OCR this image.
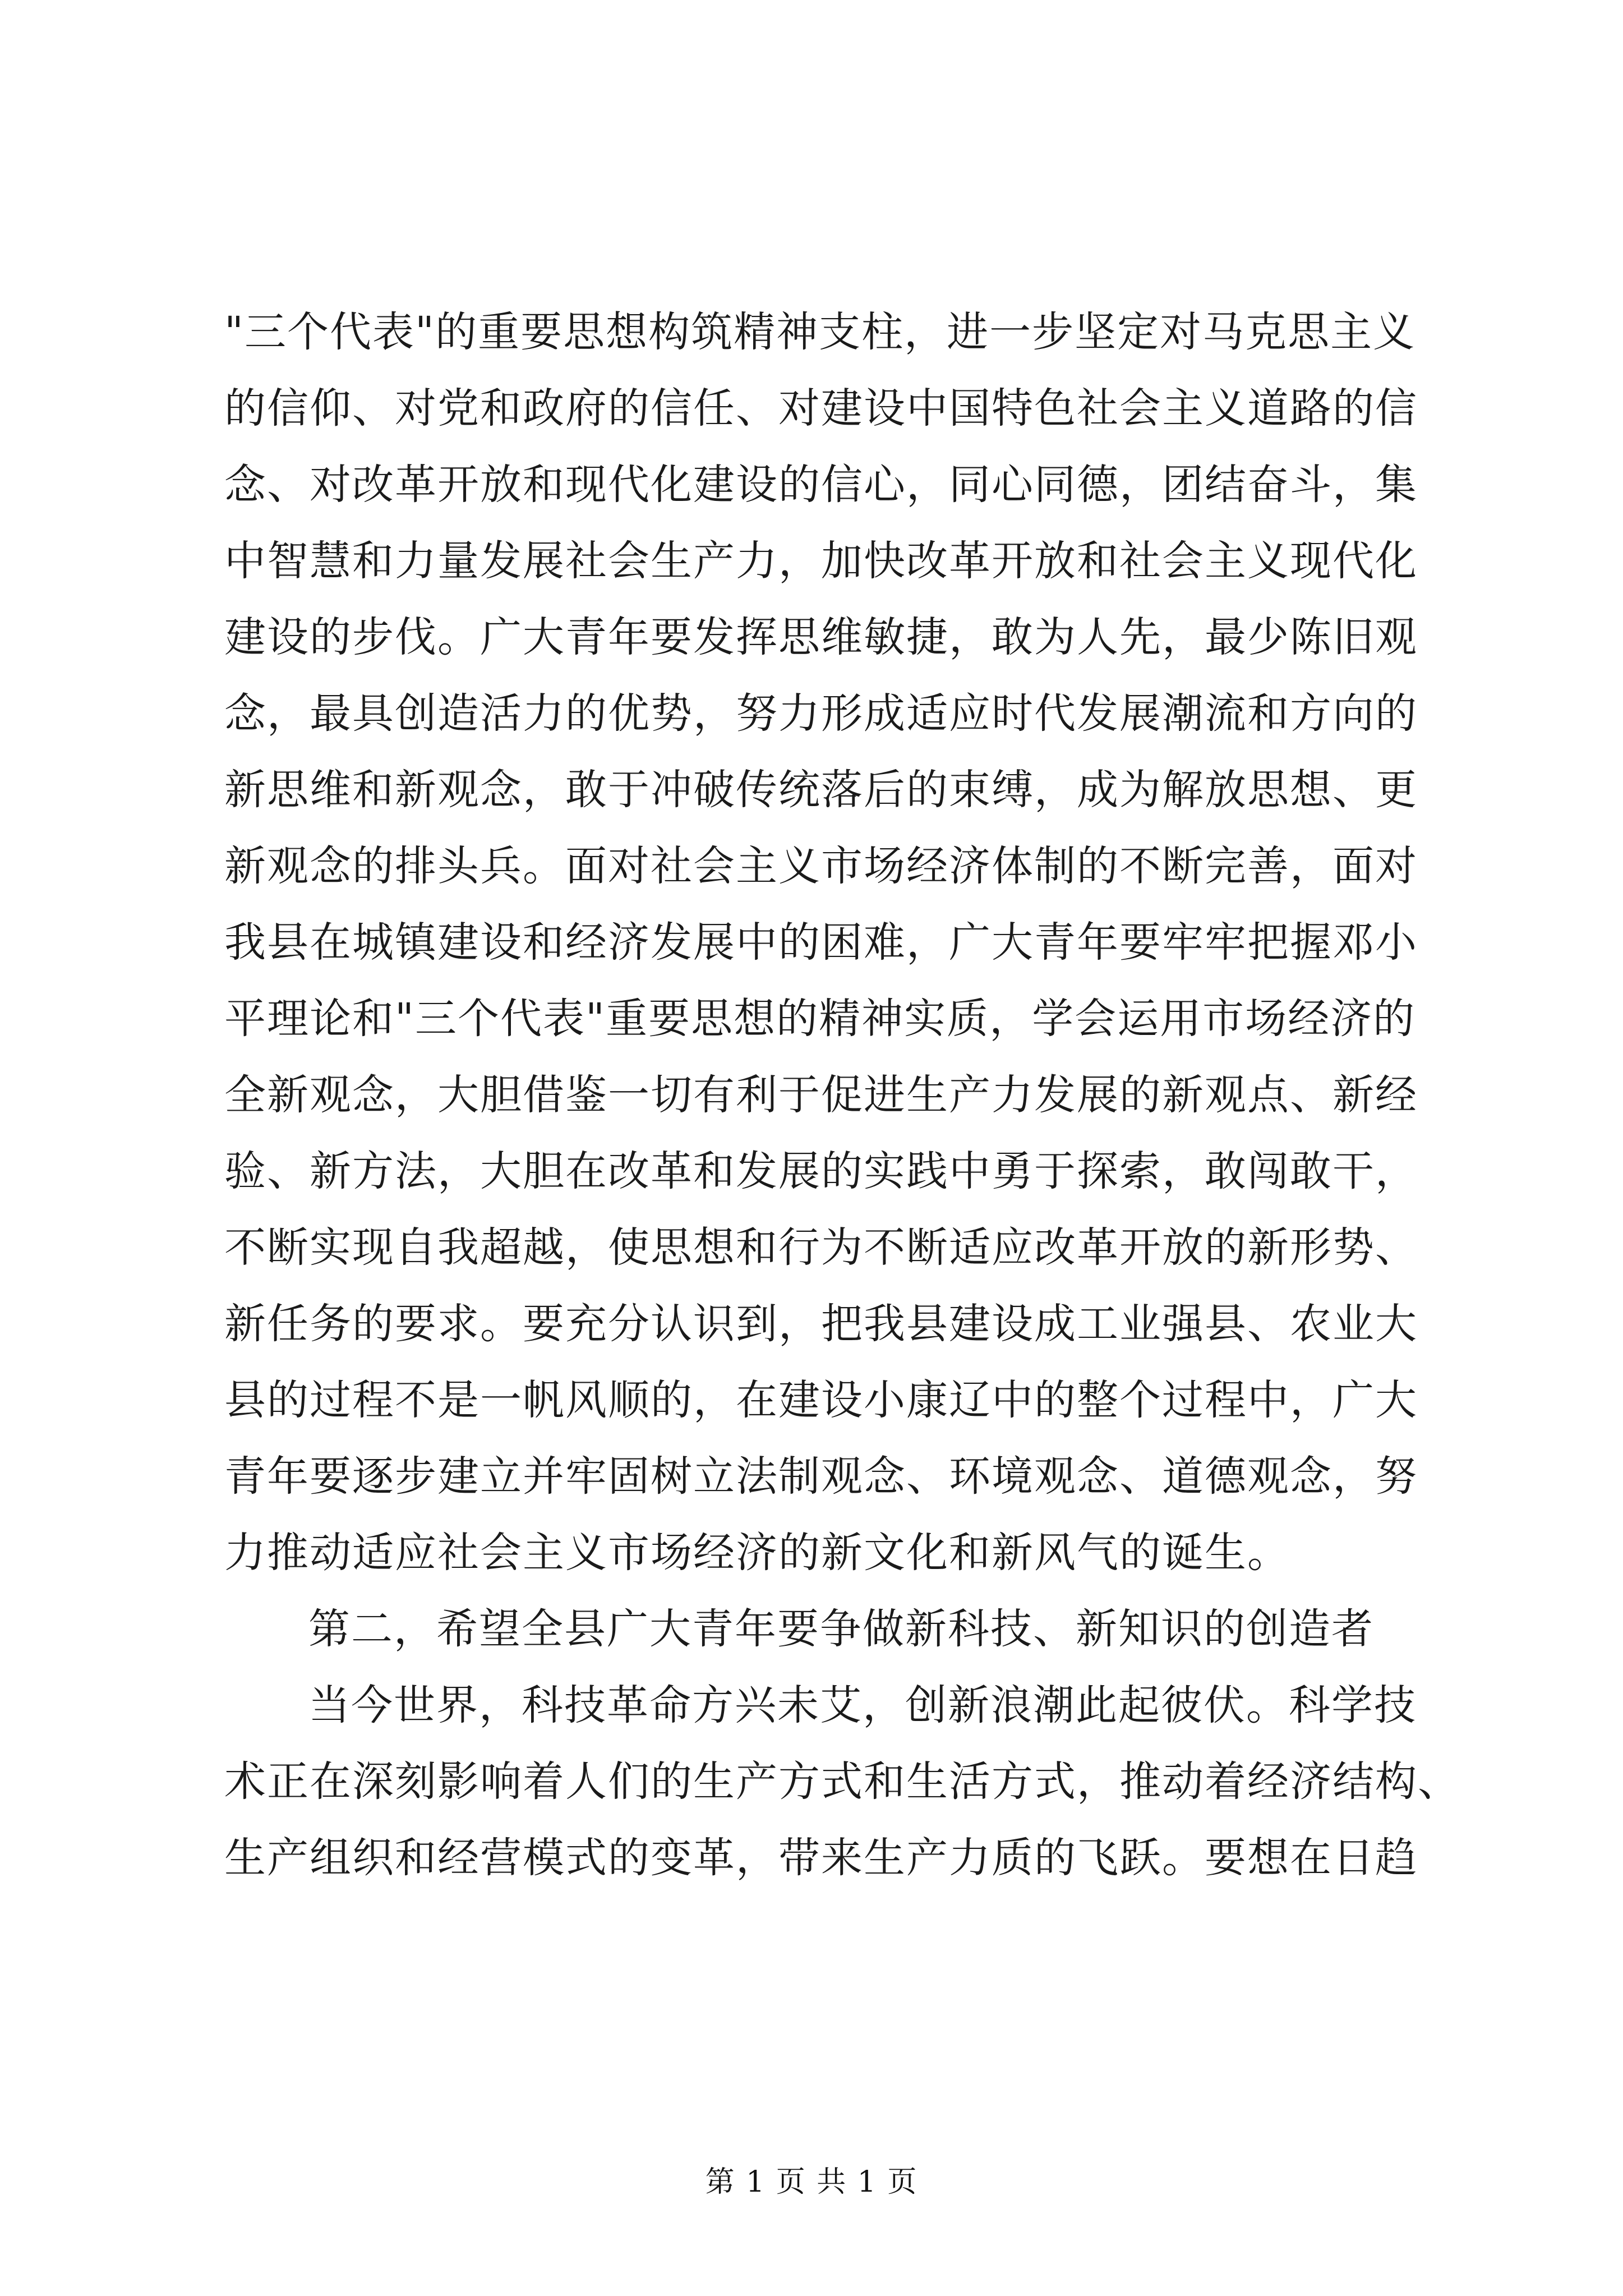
"三个代表"的重要思想构筑精神支柱，进一步坚定对马克思主义
的信仰、对党和政府的信任、对建设中国特色社会主义道路的信
念、对改革开放和现代化建设的信心，同心同德，团结奋斗，集
中智慧和力量发展社会生产力，加快改革开放和社会主义现代化
建设的步伐。广大青年要发挥思维敏捷，敢为人先，最少陈旧观
念，最具创造活力的优势，努力形成适应时代发展潮流和方向的
新思维和新观念，敢于冲破传统落后的束缚，成为解放思想、更
新观念的排头兵。面对社会主义市场经济体制的不断完善，面对
我县在城镇建设和经济发展中的困难，广大青年要牢牢把握邓小
平理论和"三个代表"重要思想的精神实质，学会运用市场经济的
全新观念，大胆借鉴一切有利于促进生产力发展的新观点、新经
验、新方法，大胆在改革和发展的实践中勇于探索，敢闯敢干，
不断实现自我超越，使思想和行为不断适应改革开放的新形势、
新任务的要求。要充分认识到，把我县建设成工业强县、农业大
县的过程不是一帆风顺的，在建设小康辽中的整个过程中，广大
青年要逐步建立并牢固树立法制观念、环境观念、道德观念，努
力推动适应社会主义市场经济的新文化和新风气的诞生。
第二，希望全县广大青年要争做新科技、新知识的创造者
当今世界，科技革命方兴未艾，创新浪潮此起彼伏。科学技
术正在深刻影响着人们的生产方式和生活方式，推动着经济结构、
生产组织和经营模式的变革，带来生产力质的飞跃。要想在日趋
第 1 页 共 1 页
